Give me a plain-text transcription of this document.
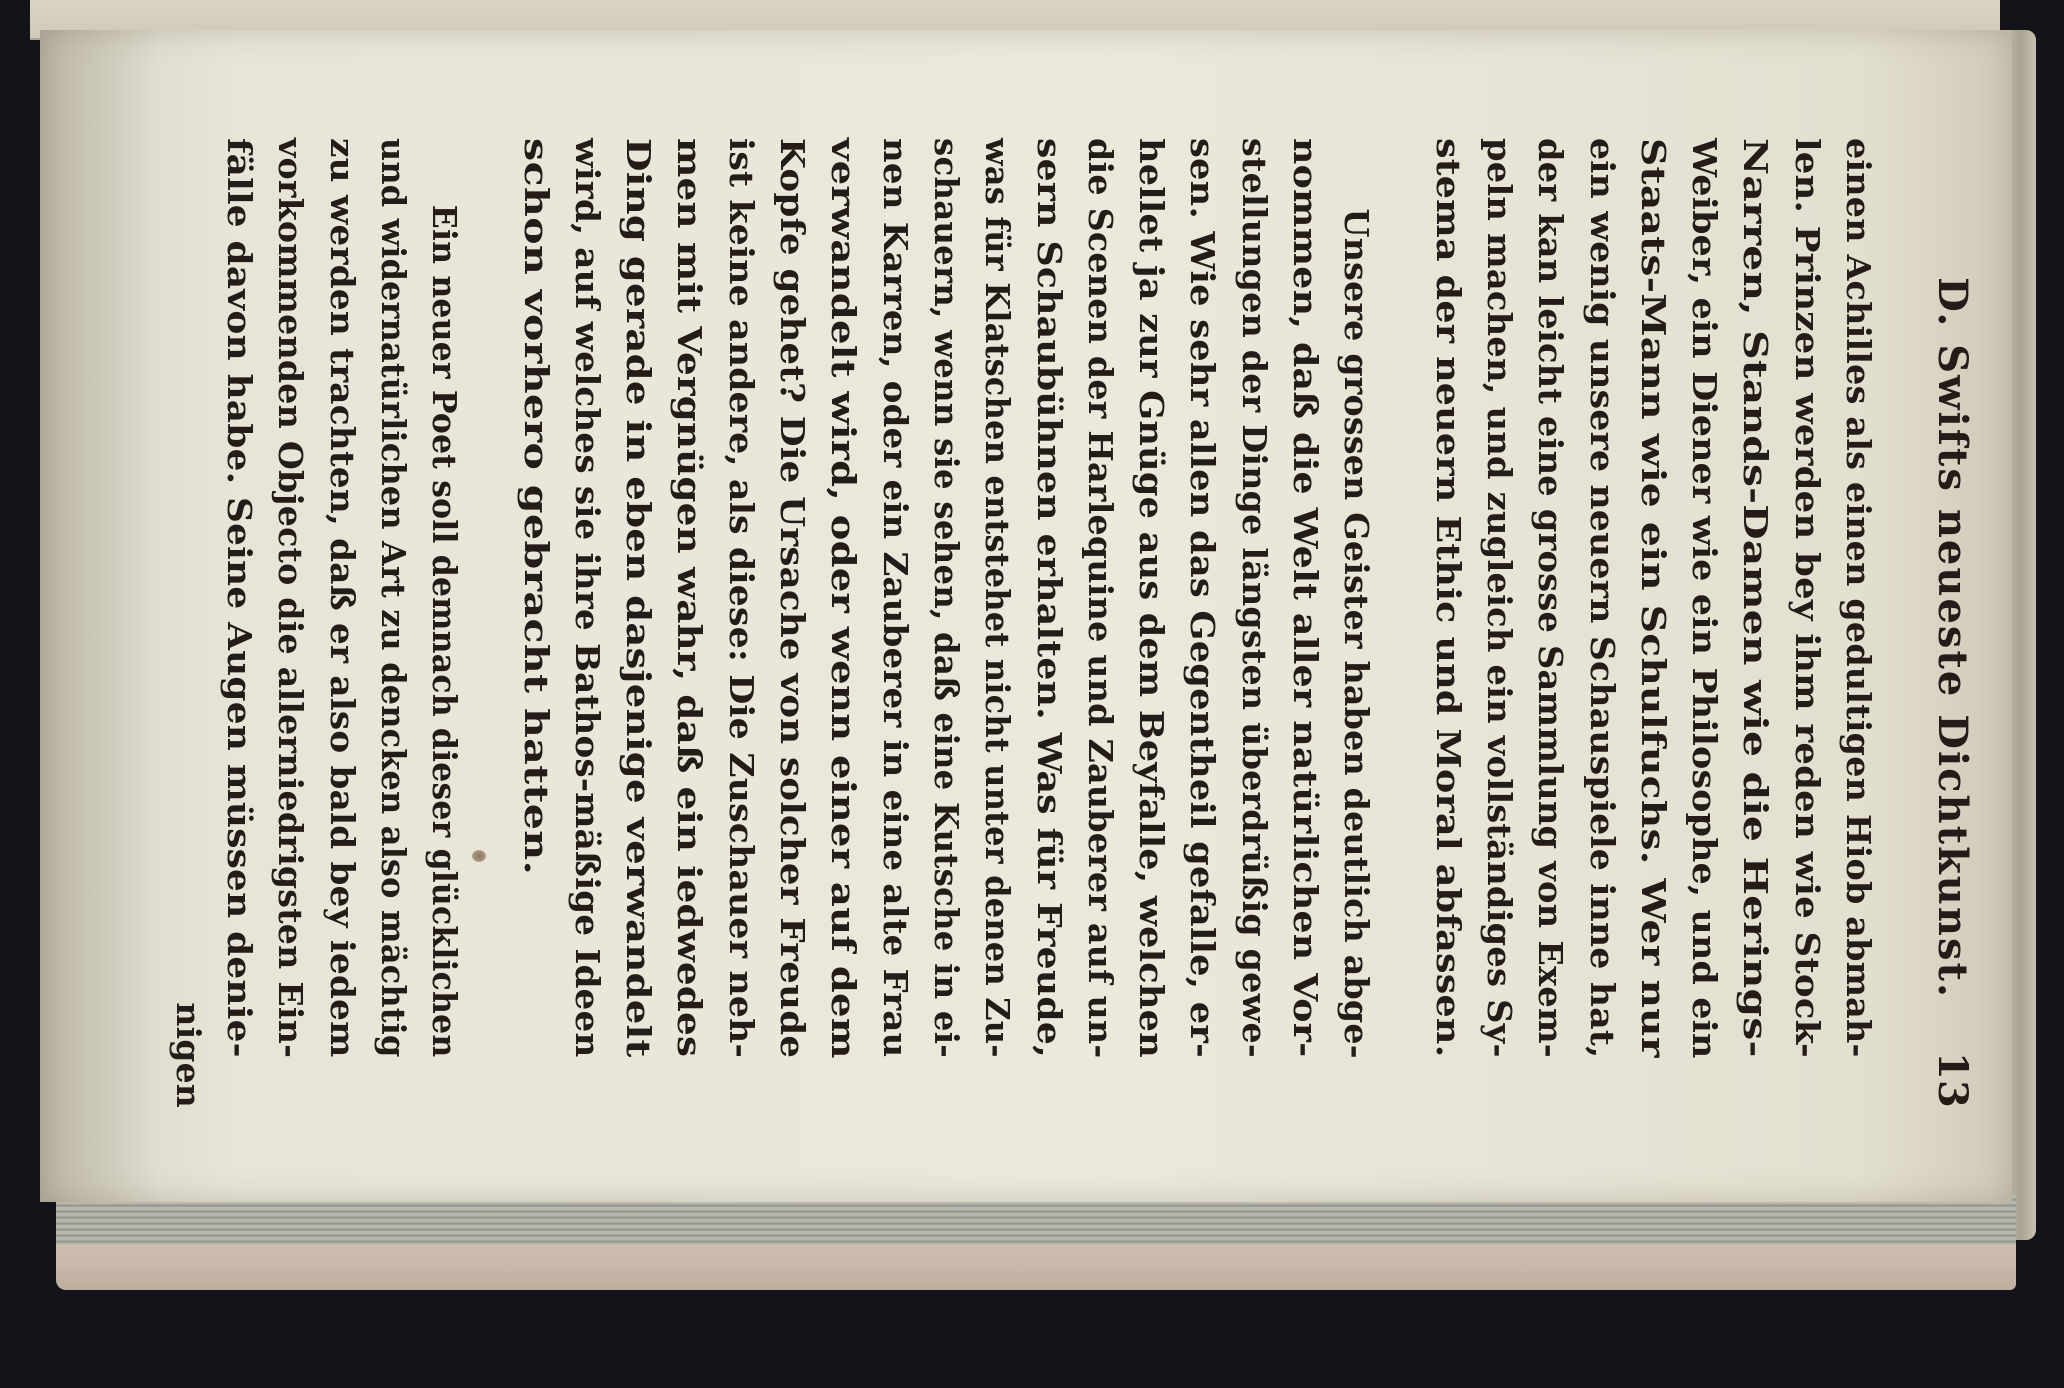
D. Swifts neueste Dichtkunst.
13
einen Achilles als einen gedultigen Hiob abmah-
len. Prinzen werden bey ihm reden wie Stock-
Narren, Stands-Damen wie die Herings-
Weiber, ein Diener wie ein Philosophe, und ein
Staats-Mann wie ein Schulfuchs. Wer nur
ein wenig unsere neuern Schauspiele inne hat,
der kan leicht eine grosse Sammlung von Exem-
peln machen, und zugleich ein vollständiges Sy-
stema der neuern Ethic und Moral abfassen.
Unsere grossen Geister haben deutlich abge-
nommen, daß die Welt aller natürlichen Vor-
stellungen der Dinge längsten überdrüßig gewe-
sen. Wie sehr allen das Gegentheil gefalle, er-
hellet ja zur Gnüge aus dem Beyfalle, welchen
die Scenen der Harlequine und Zauberer auf un-
sern Schaubühnen erhalten. Was für Freude,
was für Klatschen entstehet nicht unter denen Zu-
schauern, wenn sie sehen, daß eine Kutsche in ei-
nen Karren, oder ein Zauberer in eine alte Frau
verwandelt wird, oder wenn einer auf dem
Kopfe gehet? Die Ursache von solcher Freude
ist keine andere, als diese: Die Zuschauer neh-
men mit Vergnügen wahr, daß ein iedwedes
Ding gerade in eben dasjenige verwandelt
wird, auf welches sie ihre Bathos-mäßige Ideen
schon vorhero gebracht hatten.
Ein neuer Poet soll demnach dieser glücklichen
und widernatürlichen Art zu dencken also mächtig
zu werden trachten, daß er also bald bey iedem
vorkommenden Objecto die allerniedrigsten Ein-
fälle davon habe. Seine Augen müssen denie-
nigen
